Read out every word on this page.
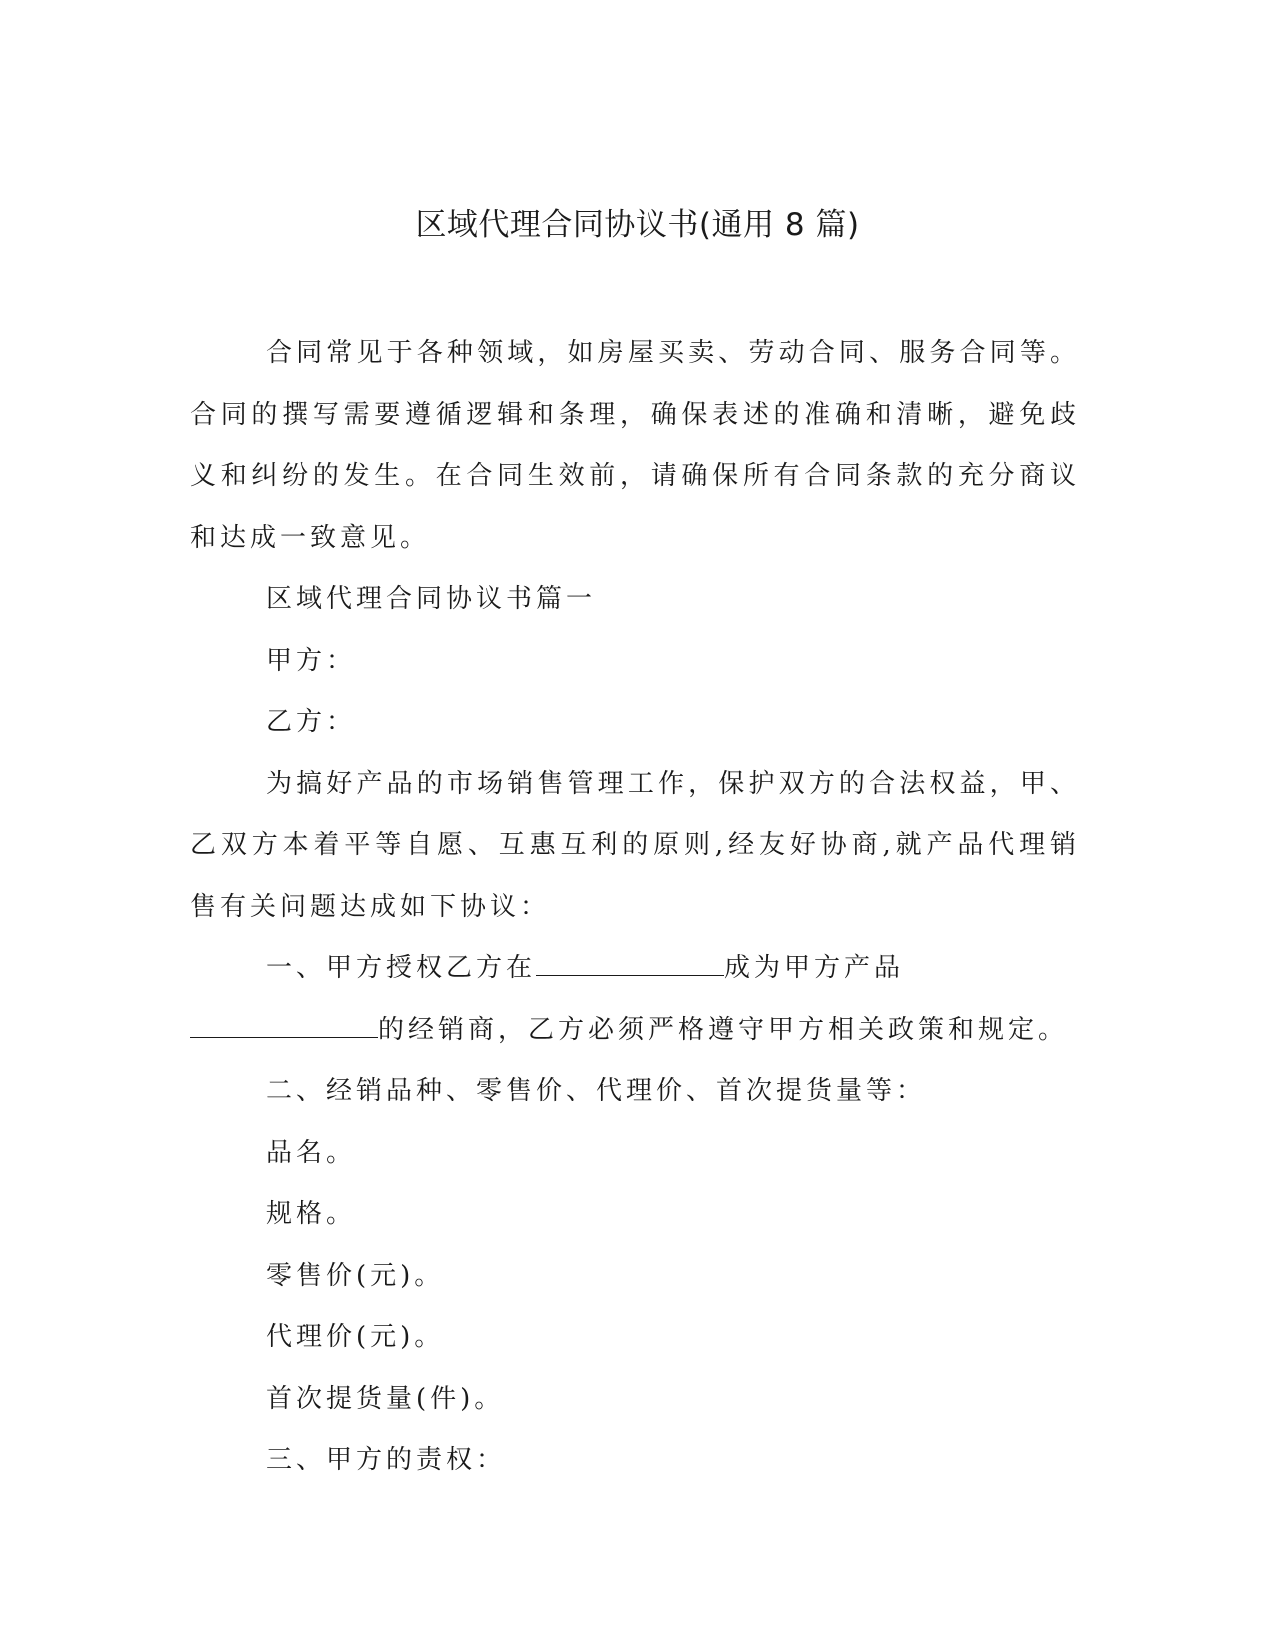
区域代理合同协议书(通用 8 篇)

合同常见于各种领域，如房屋买卖、劳动合同、服务合同等。合同的撰写需要遵循逻辑和条理，确保表述的准确和清晰，避免歧义和纠纷的发生。在合同生效前，请确保所有合同条款的充分商议和达成一致意见。

区域代理合同协议书篇一

甲方：

乙方：

为搞好产品的市场销售管理工作，保护双方的合法权益，甲、乙双方本着平等自愿、互惠互利的原则,经友好协商,就产品代理销售有关问题达成如下协议：

一、甲方授权乙方在	成为甲方产品的经销商，乙方必须严格遵守甲方相关政策和规定。

二、经销品种、零售价、代理价、首次提货量等：

品名。

规格。

零售价(元)。

代理价(元)。

首次提货量(件)。

三、甲方的责权：
